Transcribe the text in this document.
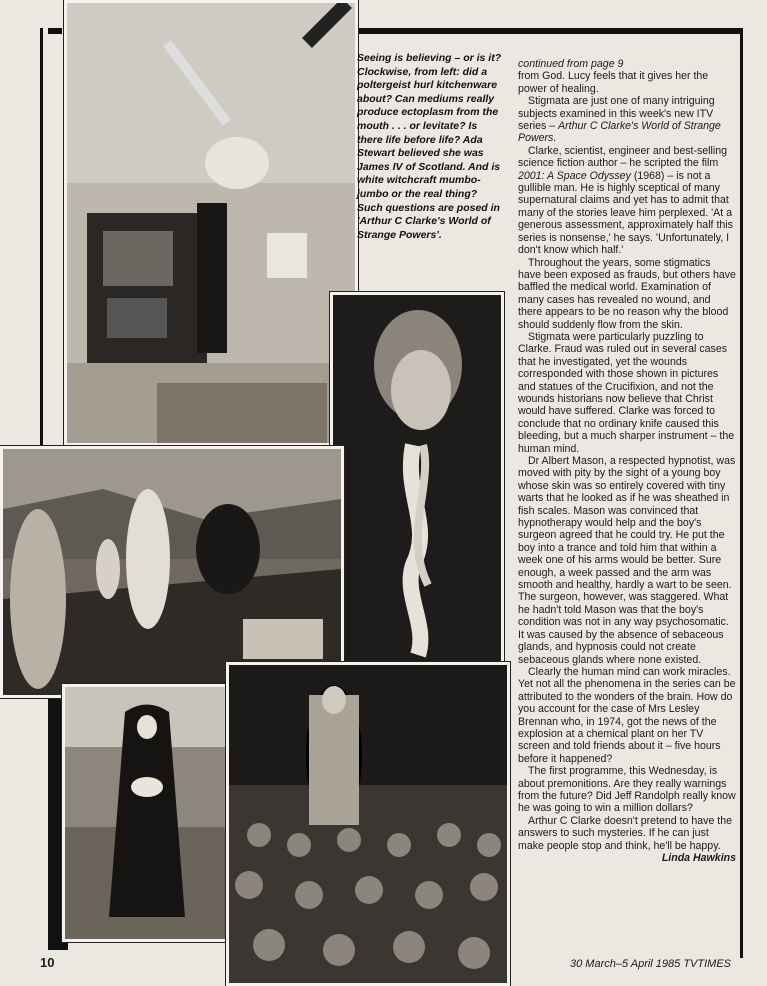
Seeing is believing – or is it? Clockwise, from left: did a poltergeist hurl kitchenware about? Can mediums really produce ectoplasm from the mouth . . . or levitate? Is there life before life? Ada Stewart believed she was James IV of Scotland. And is white witchcraft mumbo-jumbo or the real thing? Such questions are posed in 'Arthur C Clarke's World of Strange Powers'.

continued from page 9

from God. Lucy feels that it gives her the power of healing.

Stigmata are just one of many intriguing subjects examined in this week's new ITV series – Arthur C Clarke's World of Strange Powers.

Clarke, scientist, engineer and best-selling science fiction author – he scripted the film 2001: A Space Odyssey (1968) – is not a gullible man. He is highly sceptical of many supernatural claims and yet has to admit that many of the stories leave him perplexed. 'At a generous assessment, approximately half this series is nonsense,' he says. 'Unfortunately, I don't know which half.'

Throughout the years, some stigmatics have been exposed as frauds, but others have baffled the medical world. Examination of many cases has revealed no wound, and there appears to be no reason why the blood should suddenly flow from the skin.

Stigmata were particularly puzzling to Clarke. Fraud was ruled out in several cases that he investigated, yet the wounds corresponded with those shown in pictures and statues of the Crucifixion, and not the wounds historians now believe that Christ would have suffered. Clarke was forced to conclude that no ordinary knife caused this bleeding, but a much sharper instrument – the human mind.

Dr Albert Mason, a respected hypnotist, was moved with pity by the sight of a young boy whose skin was so entirely covered with tiny warts that he looked as if he was sheathed in fish scales. Mason was convinced that hypnotherapy would help and the boy's surgeon agreed that he could try. He put the boy into a trance and told him that within a week one of his arms would be better. Sure enough, a week passed and the arm was smooth and healthy, hardly a wart to be seen. The surgeon, however, was staggered. What he hadn't told Mason was that the boy's condition was not in any way psychosomatic. It was caused by the absence of sebaceous glands, and hypnosis could not create sebaceous glands where none existed.

Clearly the human mind can work miracles. Yet not all the phenomena in the series can be attributed to the wonders of the brain. How do you account for the case of Mrs Lesley Brennan who, in 1974, got the news of the explosion at a chemical plant on her TV screen and told friends about it – five hours before it happened?

The first programme, this Wednesday, is about premonitions. Are they really warnings from the future? Did Jeff Randolph really know he was going to win a million dollars?

Arthur C Clarke doesn't pretend to have the answers to such mysteries. If he can just make people stop and think, he'll be happy.
Linda Hawkins

10	30 March–5 April 1985 TVTIMES
